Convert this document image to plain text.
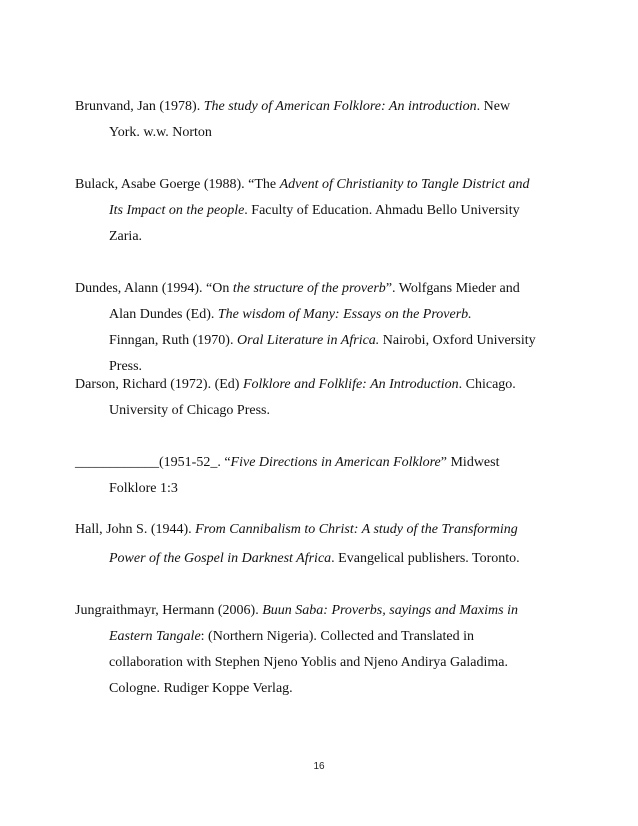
Brunvand, Jan (1978). The study of American Folklore: An introduction. New
York. w.w. Norton
Bulack, Asabe Goerge (1988). “The Advent of Christianity to Tangle District and
Its Impact on the people. Faculty of Education. Ahmadu Bello University
Zaria.
Dundes, Alann (1994). “On the structure of the proverb”. Wolfgans Mieder and
Alan Dundes (Ed). The wisdom of Many: Essays on the Proverb.
Finngan, Ruth (1970). Oral Literature in Africa. Nairobi, Oxford University
Press.
Darson, Richard (1972). (Ed) Folklore and Folklife: An Introduction. Chicago.
University of Chicago Press.
____________(1951-52_. “Five Directions in American Folklore” Midwest
Folklore 1:3
Hall, John S. (1944). From Cannibalism to Christ: A study of the Transforming
Power of the Gospel in Darknest Africa. Evangelical publishers. Toronto.
Jungraithmayr, Hermann (2006). Buun Saba: Proverbs, sayings and Maxims in
Eastern Tangale: (Northern Nigeria). Collected and Translated in
collaboration with Stephen Njeno Yoblis and Njeno Andirya Galadima.
Cologne. Rudiger Koppe Verlag.
16
